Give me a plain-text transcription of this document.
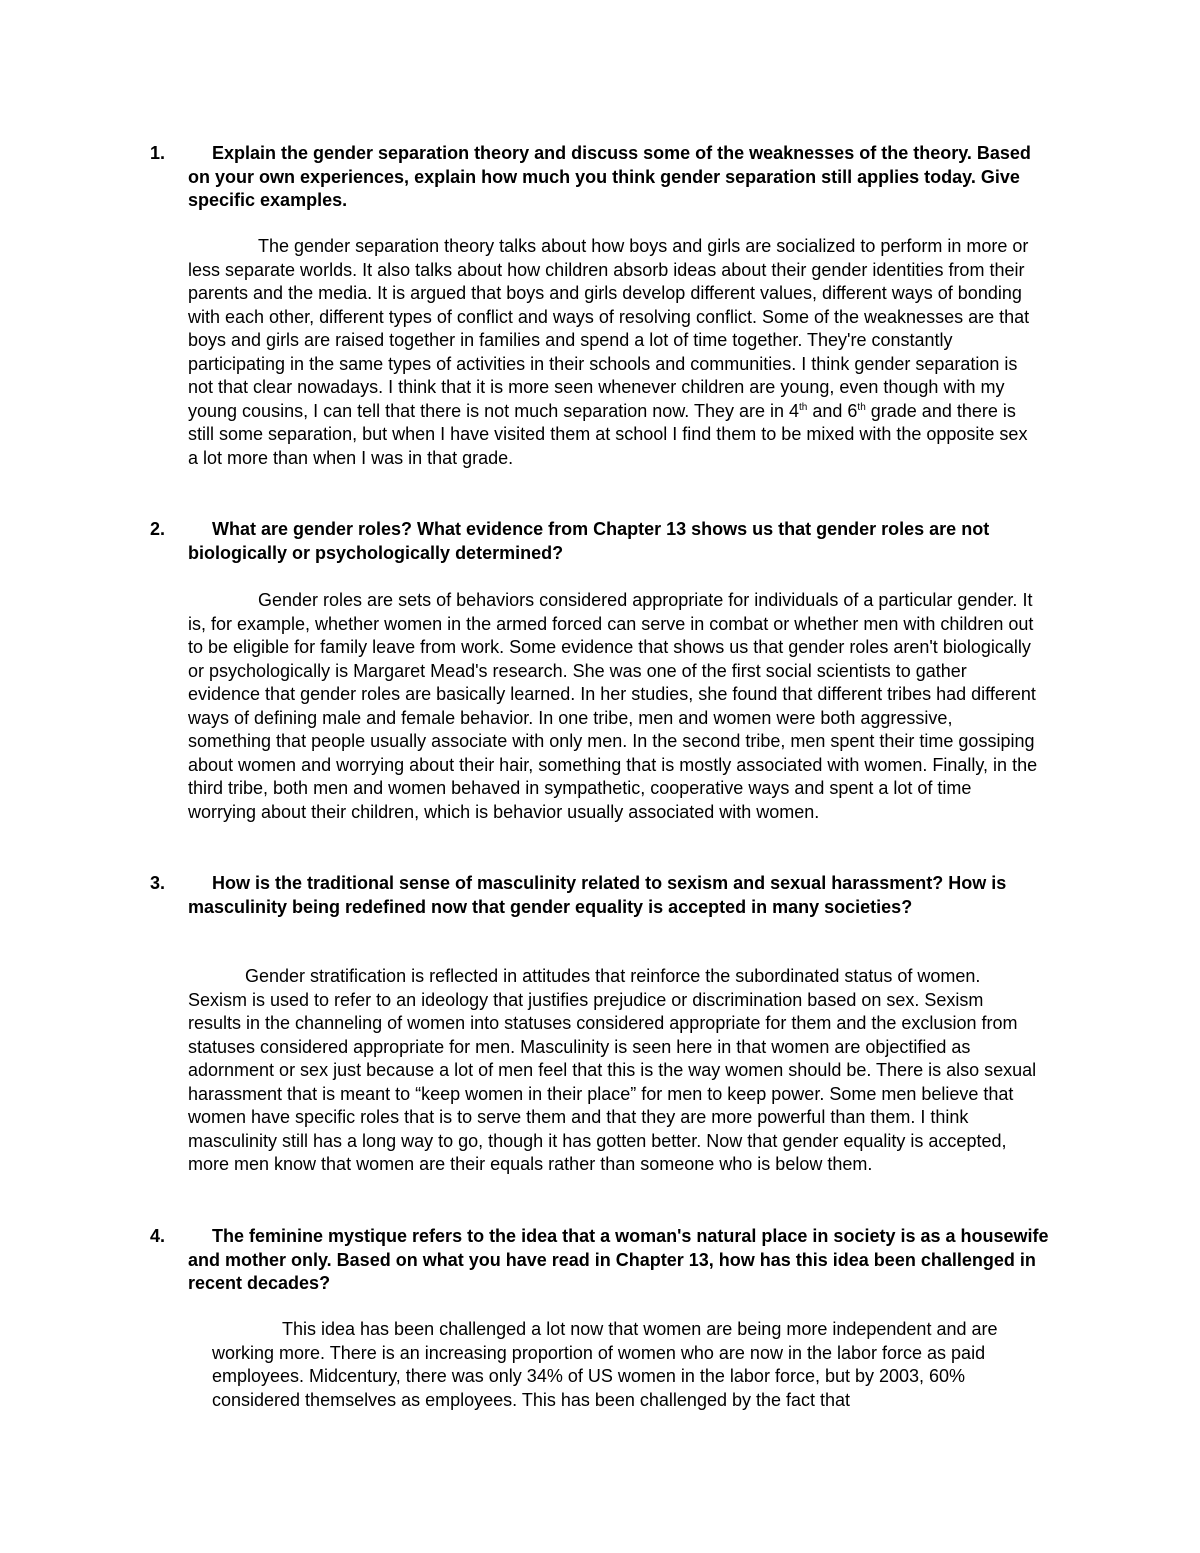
1.	Explain the gender separation theory and discuss some of the weaknesses of the theory. Based on your own experiences, explain how much you think gender separation still applies today. Give specific examples.
The gender separation theory talks about how boys and girls are socialized to perform in more or less separate worlds. It also talks about how children absorb ideas about their gender identities from their parents and the media. It is argued that boys and girls develop different values, different ways of bonding with each other, different types of conflict and ways of resolving conflict. Some of the weaknesses are that boys and girls are raised together in families and spend a lot of time together. They're constantly participating in the same types of activities in their schools and communities. I think gender separation is not that clear nowadays. I think that it is more seen whenever children are young, even though with my young cousins, I can tell that there is not much separation now. They are in 4th and 6th grade and there is still some separation, but when I have visited them at school I find them to be mixed with the opposite sex a lot more than when I was in that grade.
2.	What are gender roles? What evidence from Chapter 13 shows us that gender roles are not biologically or psychologically determined?
Gender roles are sets of behaviors considered appropriate for individuals of a particular gender. It is, for example, whether women in the armed forced can serve in combat or whether men with children out to be eligible for family leave from work. Some evidence that shows us that gender roles aren't biologically or psychologically is Margaret Mead's research. She was one of the first social scientists to gather evidence that gender roles are basically learned. In her studies, she found that different tribes had different ways of defining male and female behavior. In one tribe, men and women were both aggressive, something that people usually associate with only men. In the second tribe, men spent their time gossiping about women and worrying about their hair, something that is mostly associated with women. Finally, in the third tribe, both men and women behaved in sympathetic, cooperative ways and spent a lot of time worrying about their children, which is behavior usually associated with women.
3.	How is the traditional sense of masculinity related to sexism and sexual harassment? How is masculinity being redefined now that gender equality is accepted in many societies?
Gender stratification is reflected in attitudes that reinforce the subordinated status of women. Sexism is used to refer to an ideology that justifies prejudice or discrimination based on sex. Sexism results in the channeling of women into statuses considered appropriate for them and the exclusion from statuses considered appropriate for men. Masculinity is seen here in that women are objectified as adornment or sex just because a lot of men feel that this is the way women should be. There is also sexual harassment that is meant to “keep women in their place” for men to keep power. Some men believe that women have specific roles that is to serve them and that they are more powerful than them. I think masculinity still has a long way to go, though it has gotten better. Now that gender equality is accepted, more men know that women are their equals rather than someone who is below them.
4.	The feminine mystique refers to the idea that a woman's natural place in society is as a housewife and mother only. Based on what you have read in Chapter 13, how has this idea been challenged in recent decades?
This idea has been challenged a lot now that women are being more independent and are working more. There is an increasing proportion of women who are now in the labor force as paid employees. Midcentury, there was only 34% of US women in the labor force, but by 2003, 60% considered themselves as employees. This has been challenged by the fact that
